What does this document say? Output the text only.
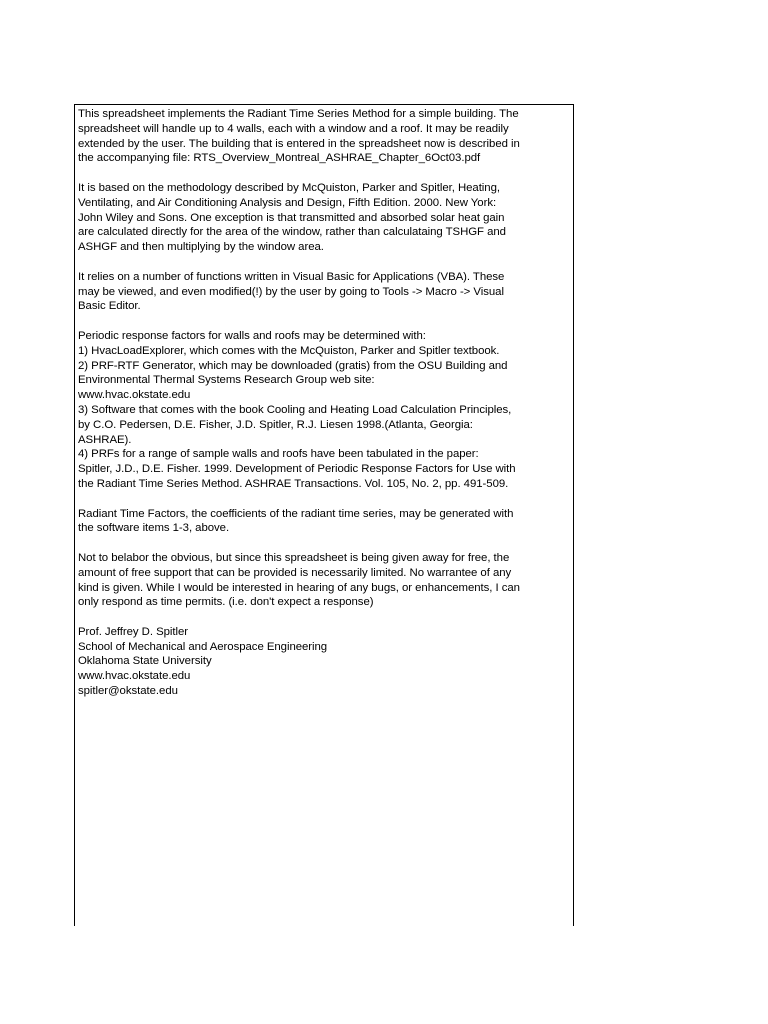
This spreadsheet implements the Radiant Time Series Method for a simple building. The
spreadsheet will handle up to 4 walls, each with a window and a roof. It may be readily
extended by the user. The building that is entered in the spreadsheet now is described in
the accompanying file: RTS_Overview_Montreal_ASHRAE_Chapter_6Oct03.pdf
It is based on the methodology described by McQuiston, Parker and Spitler, Heating,
Ventilating, and Air Conditioning Analysis and Design, Fifth Edition. 2000. New York:
John Wiley and Sons. One exception is that transmitted and absorbed solar heat gain
are calculated directly for the area of the window, rather than calculataing TSHGF and
ASHGF and then multiplying by the window area.
It relies on a number of functions written in Visual Basic for Applications (VBA). These
may be viewed, and even modified(!) by the user by going to Tools -> Macro -> Visual
Basic Editor.
Periodic response factors for walls and roofs may be determined with:
1) HvacLoadExplorer, which comes with the McQuiston, Parker and Spitler textbook.
2) PRF-RTF Generator, which may be downloaded (gratis) from the OSU Building and
Environmental Thermal Systems Research Group web site:
www.hvac.okstate.edu
3) Software that comes with the book Cooling and Heating Load Calculation Principles,
by C.O. Pedersen, D.E. Fisher, J.D. Spitler, R.J. Liesen 1998.(Atlanta, Georgia:
ASHRAE).
4) PRFs for a range of sample walls and roofs have been tabulated in the paper:
Spitler, J.D., D.E. Fisher. 1999. Development of Periodic Response Factors for Use with
the Radiant Time Series Method. ASHRAE Transactions. Vol. 105, No. 2, pp. 491-509.
Radiant Time Factors, the coefficients of the radiant time series, may be generated with
the software items 1-3, above.
Not to belabor the obvious, but since this spreadsheet is being given away for free, the
amount of free support that can be provided is necessarily limited. No warrantee of any
kind is given. While I would be interested in hearing of any bugs, or enhancements, I can
only respond as time permits. (i.e. don't expect a response)
Prof. Jeffrey D. Spitler
School of Mechanical and Aerospace Engineering
Oklahoma State University
www.hvac.okstate.edu
spitler@okstate.edu
